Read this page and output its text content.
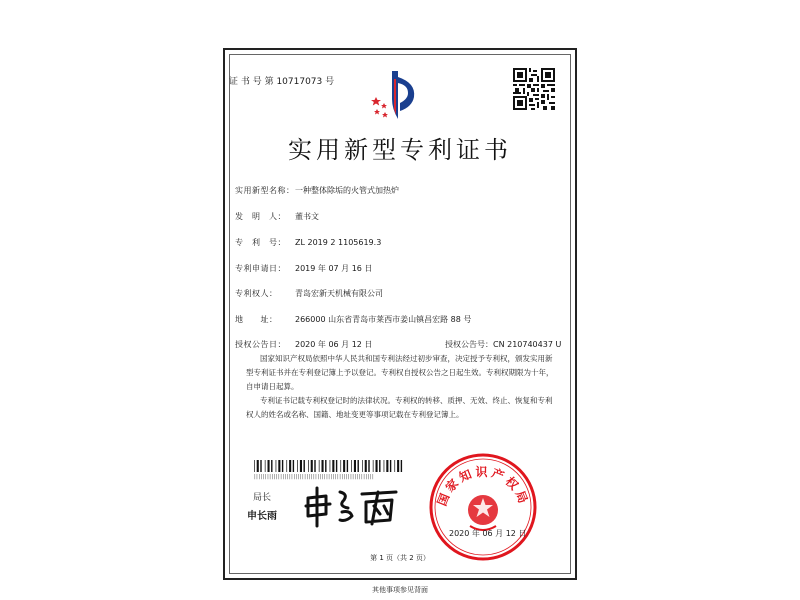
证 书 号 第 10717073 号
实用新型专利证书
实用新型名称：一种整体除垢的火管式加热炉
发　明　人： 董书文
专　利　号： ZL 2019 2 1105619.3
专利申请日： 2019 年 07 月 16 日
专利权人： 青岛宏新天机械有限公司
地　　址： 266000 山东省青岛市莱西市姜山镇昌宏路 88 号
授权公告日： 2020 年 06 月 12 日	授权公告号：CN 210740437 U

国家知识产权局依照中华人民共和国专利法经过初步审查，决定授予专利权，颁发实用新型专利证书并在专利登记簿上予以登记。专利权自授权公告之日起生效。专利权期限为十年，自申请日起算。

专利证书记载专利权登记时的法律状况。专利权的转移、质押、无效、终止、恢复和专利权人的姓名或名称、国籍、地址变更等事项记载在专利登记簿上。

|||||||||||||||||||||||||||||||||||||||||||||||||||||||
局长
申长雨
国家知识产权局
2020 年 06 月 12 日
第 1 页（共 2 页）
其他事项参见背面
